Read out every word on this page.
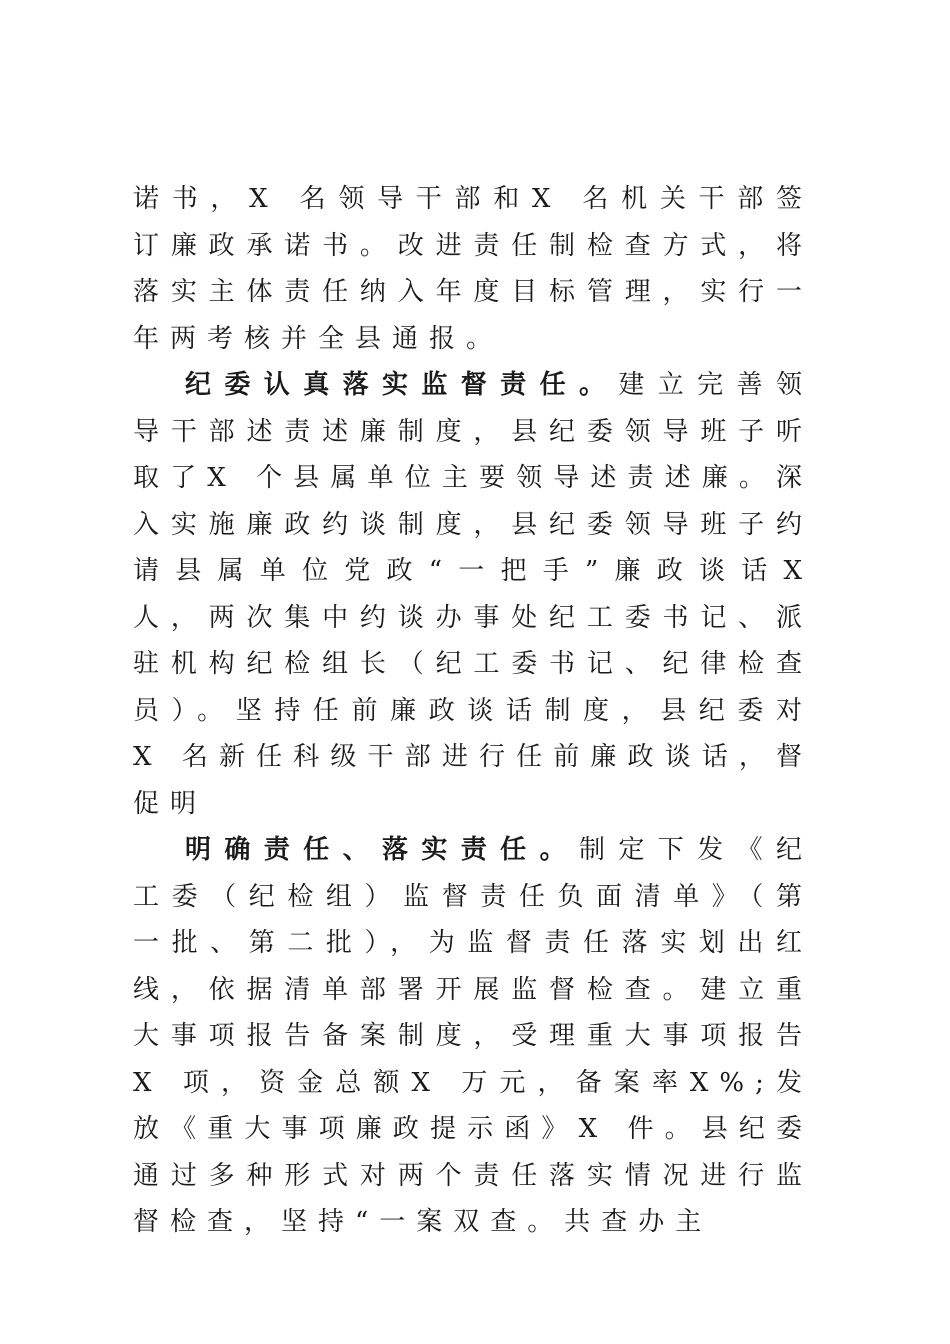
诺书，X 名领导干部和X 名机关干部签订廉政承诺书。改进责任制检查方式，将落实主体责任纳入年度目标管理，实行一年两考核并全县通报。

纪委认真落实监督责任。建立完善领导干部述责述廉制度，县纪委领导班子听取了X 个县属单位主要领导述责述廉。深入实施廉政约谈制度，县纪委领导班子约请县属单位党政“一把手”廉政谈话X 人，两次集中约谈办事处纪工委书记、派驻机构纪检组长（纪工委书记、纪律检查员）。坚持任前廉政谈话制度，县纪委对X 名新任科级干部进行任前廉政谈话，督促明

明确责任、落实责任。制定下发《纪工委（纪检组）监督责任负面清单》（第一批、第二批），为监督责任落实划出红线，依据清单部署开展监督检查。建立重大事项报告备案制度，受理重大事项报告X 项，资金总额X 万元，备案率X%;发放《重大事项廉政提示函》X 件。县纪委通过多种形式对两个责任落实情况进行监督检查，坚持“一案双查。共查办主
